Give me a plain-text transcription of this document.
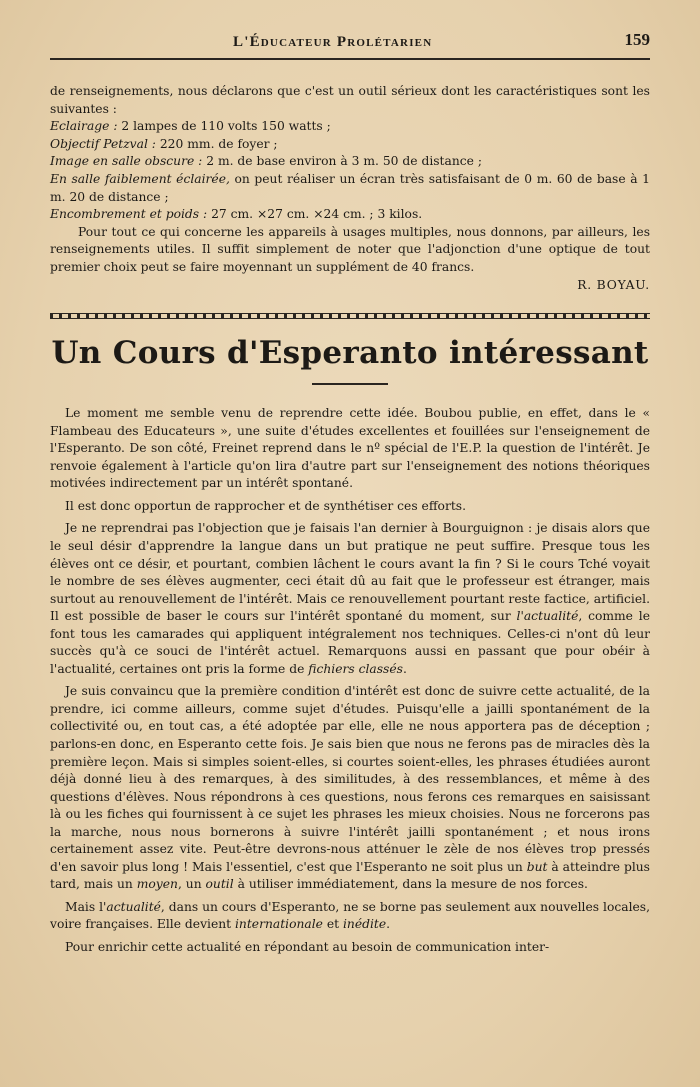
L'Éducateur Prolétarien	159

de renseignements, nous déclarons que c'est un outil sérieux dont les caractéristiques sont les suivantes :

Eclairage : 2 lampes de 110 volts 150 watts ;

Objectif Petzval : 220 mm. de foyer ;

Image en salle obscure : 2 m. de base environ à 3 m. 50 de distance ;

En salle faiblement éclairée, on peut réaliser un écran très satisfaisant de 0 m. 60 de base à 1 m. 20 de distance ;

Encombrement et poids : 27 cm. ×27 cm. ×24 cm. ; 3 kilos.

Pour tout ce qui concerne les appareils à usages multiples, nous donnons, par ailleurs, les renseignements utiles. Il suffit simplement de noter que l'adjonction d'une optique de tout premier choix peut se faire moyennant un supplément de 40 francs.

R. BOYAU.

Un Cours d'Esperanto intéressant

Le moment me semble venu de reprendre cette idée. Boubou publie, en effet, dans le « Flambeau des Educateurs », une suite d'études excellentes et fouillées sur l'enseignement de l'Esperanto. De son côté, Freinet reprend dans le nº spécial de l'E.P. la question de l'intérêt. Je renvoie également à l'article qu'on lira d'autre part sur l'enseignement des notions théoriques motivées indirectement par un intérêt spontané.

Il est donc opportun de rapprocher et de synthétiser ces efforts.

Je ne reprendrai pas l'objection que je faisais l'an dernier à Bourguignon : je disais alors que le seul désir d'apprendre la langue dans un but pratique ne peut suffire. Presque tous les élèves ont ce désir, et pourtant, combien lâchent le cours avant la fin ? Si le cours Tché voyait le nombre de ses élèves augmenter, ceci était dû au fait que le professeur est étranger, mais surtout au renouvellement de l'intérêt. Mais ce renouvellement pourtant reste factice, artificiel. Il est possible de baser le cours sur l'intérêt spontané du moment, sur l'actualité, comme le font tous les camarades qui appliquent intégralement nos techniques. Celles-ci n'ont dû leur succès qu'à ce souci de l'intérêt actuel. Remarquons aussi en passant que pour obéir à l'actualité, certaines ont pris la forme de fichiers classés.

Je suis convaincu que la première condition d'intérêt est donc de suivre cette actualité, de la prendre, ici comme ailleurs, comme sujet d'études. Puisqu'elle a jailli spontanément de la collectivité ou, en tout cas, a été adoptée par elle, elle ne nous apportera pas de déception ; parlons-en donc, en Esperanto cette fois. Je sais bien que nous ne ferons pas de miracles dès la première leçon. Mais si simples soient-elles, si courtes soient-elles, les phrases étudiées auront déjà donné lieu à des remarques, à des similitudes, à des ressemblances, et même à des questions d'élèves. Nous répondrons à ces questions, nous ferons ces remarques en saisissant là ou les fiches qui fournissent à ce sujet les phrases les mieux choisies. Nous ne forcerons pas la marche, nous nous bornerons à suivre l'intérêt jailli spontanément ; et nous irons certainement assez vite. Peut-être devrons-nous atténuer le zèle de nos élèves trop pressés d'en savoir plus long ! Mais l'essentiel, c'est que l'Esperanto ne soit plus un but à atteindre plus tard, mais un moyen, un outil à utiliser immédiatement, dans la mesure de nos forces.

Mais l'actualité, dans un cours d'Esperanto, ne se borne pas seulement aux nouvelles locales, voire françaises. Elle devient internationale et inédite.

Pour enrichir cette actualité en répondant au besoin de communication inter-
